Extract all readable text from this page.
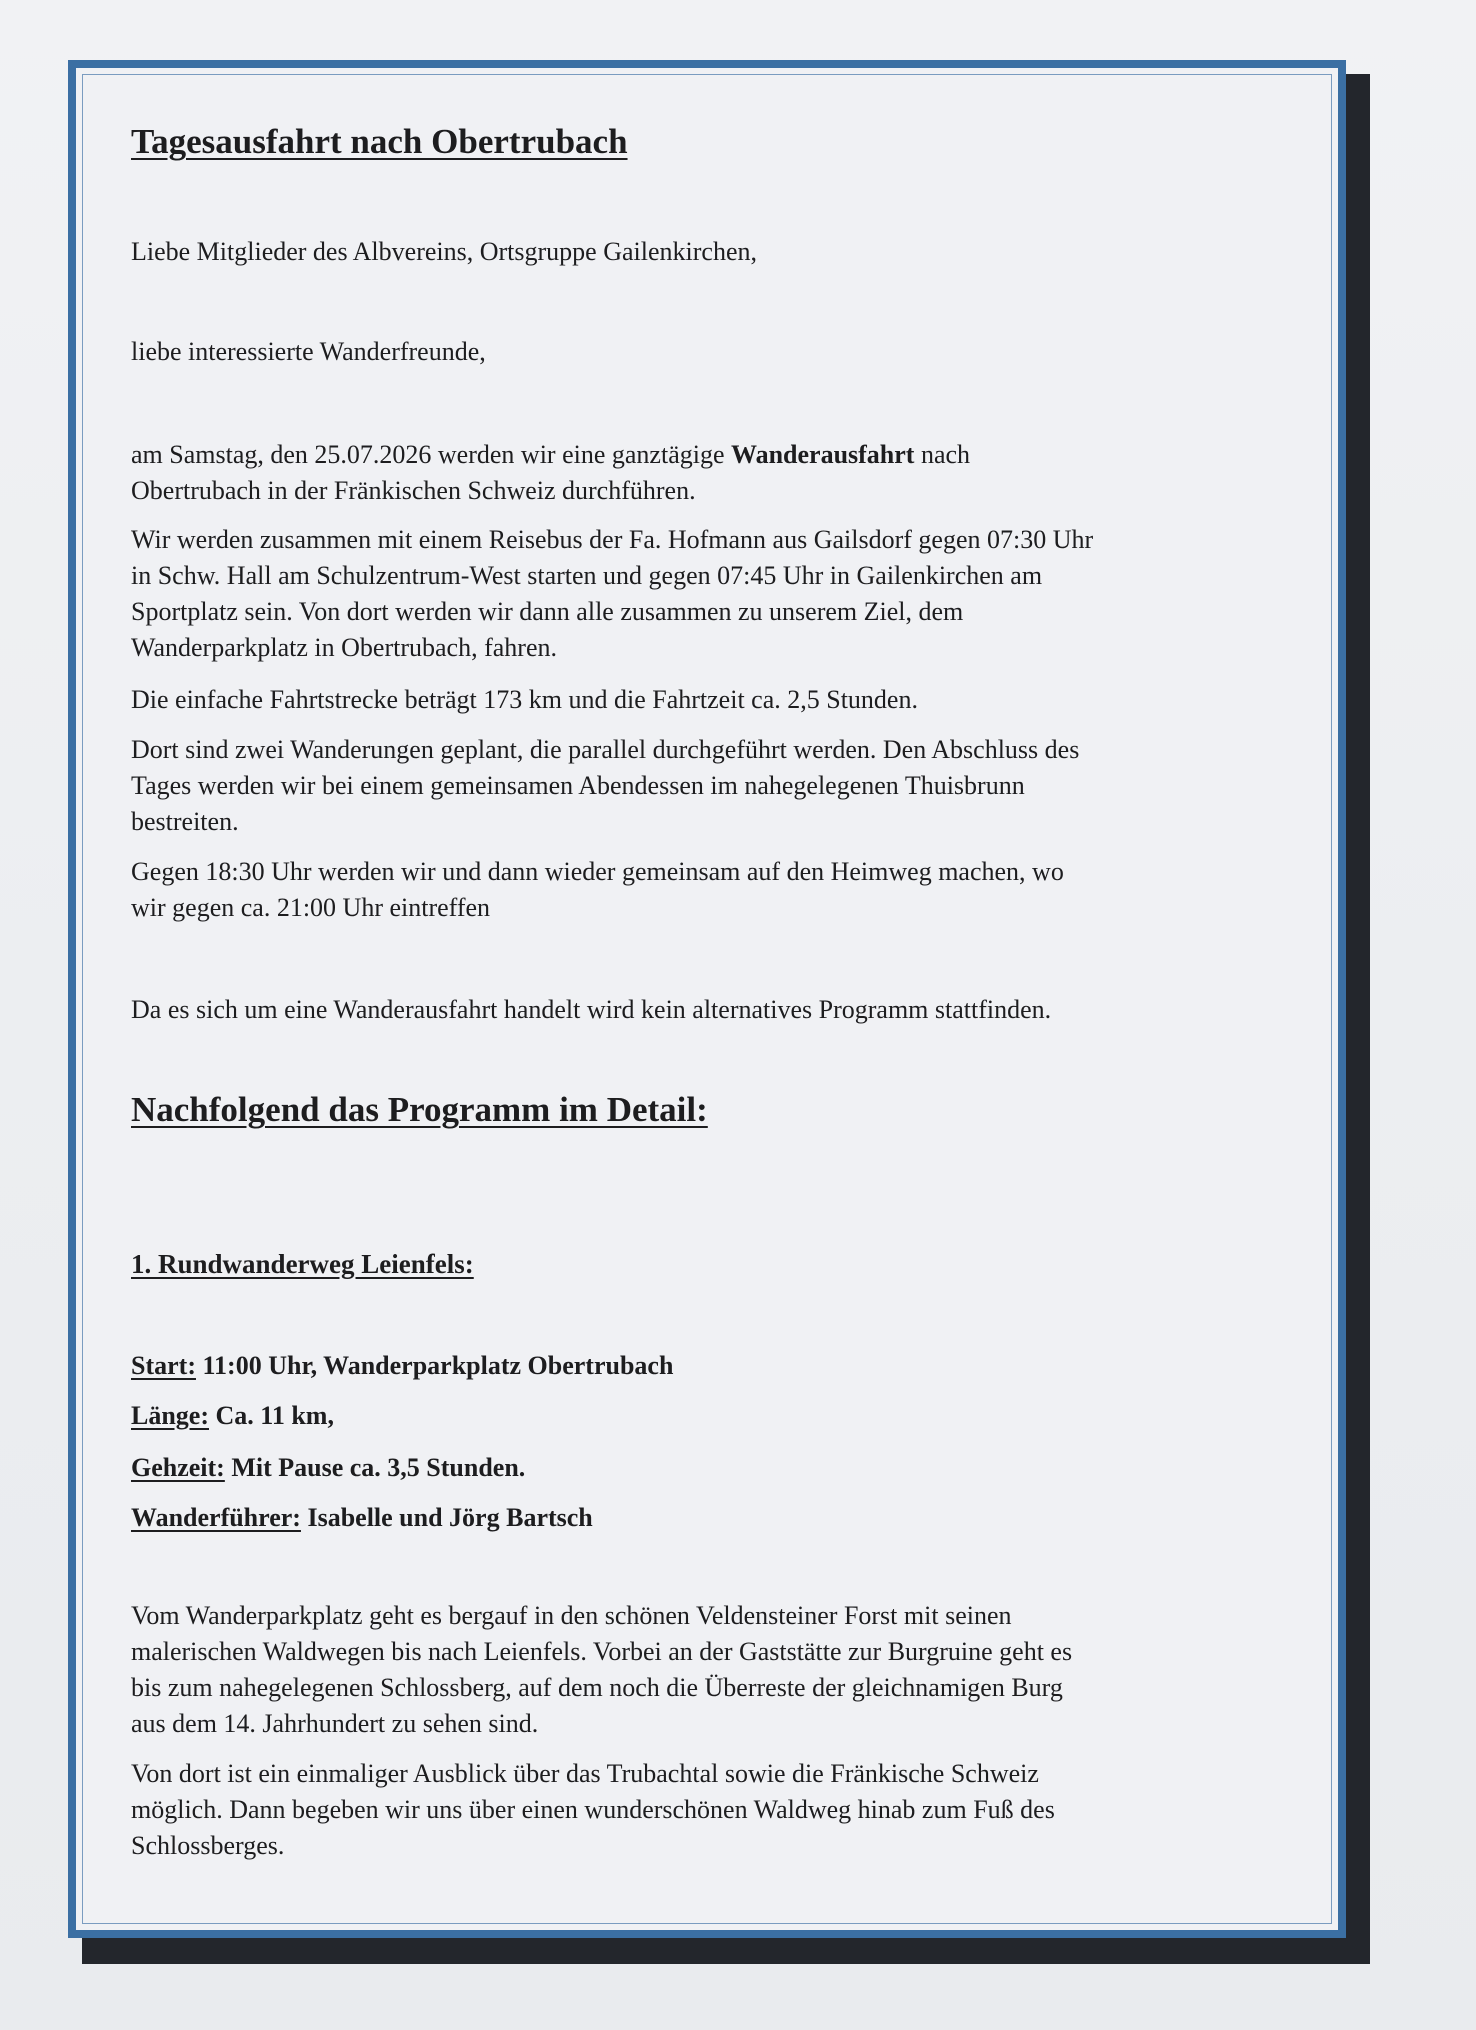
Tagesausfahrt nach Obertrubach
Liebe Mitglieder des Albvereins, Ortsgruppe Gailenkirchen,
liebe interessierte Wanderfreunde,
am Samstag, den 25.07.2026 werden wir eine ganztägige Wanderausfahrt nach
Obertrubach in der Fränkischen Schweiz durchführen.
Wir werden zusammen mit einem Reisebus der Fa. Hofmann aus Gailsdorf gegen 07:30 Uhr
in Schw. Hall am Schulzentrum-West starten und gegen 07:45 Uhr in Gailenkirchen am
Sportplatz sein. Von dort werden wir dann alle zusammen zu unserem Ziel, dem
Wanderparkplatz in Obertrubach, fahren.
Die einfache Fahrtstrecke beträgt 173 km und die Fahrtzeit ca. 2,5 Stunden.
Dort sind zwei Wanderungen geplant, die parallel durchgeführt werden. Den Abschluss des
Tages werden wir bei einem gemeinsamen Abendessen im nahegelegenen Thuisbrunn
bestreiten.
Gegen 18:30 Uhr werden wir und dann wieder gemeinsam auf den Heimweg machen, wo
wir gegen ca. 21:00 Uhr eintreffen
Da es sich um eine Wanderausfahrt handelt wird kein alternatives Programm stattfinden.
Nachfolgend das Programm im Detail:
1. Rundwanderweg Leienfels:
Start: 11:00 Uhr, Wanderparkplatz Obertrubach
Länge: Ca. 11 km,
Gehzeit: Mit Pause ca. 3,5 Stunden.
Wanderführer: Isabelle und Jörg Bartsch
Vom Wanderparkplatz geht es bergauf in den schönen Veldensteiner Forst mit seinen
malerischen Waldwegen bis nach Leienfels. Vorbei an der Gaststätte zur Burgruine geht es
bis zum nahegelegenen Schlossberg, auf dem noch die Überreste der gleichnamigen Burg
aus dem 14. Jahrhundert zu sehen sind.
Von dort ist ein einmaliger Ausblick über das Trubachtal sowie die Fränkische Schweiz
möglich. Dann begeben wir uns über einen wunderschönen Waldweg hinab zum Fuß des
Schlossberges.
